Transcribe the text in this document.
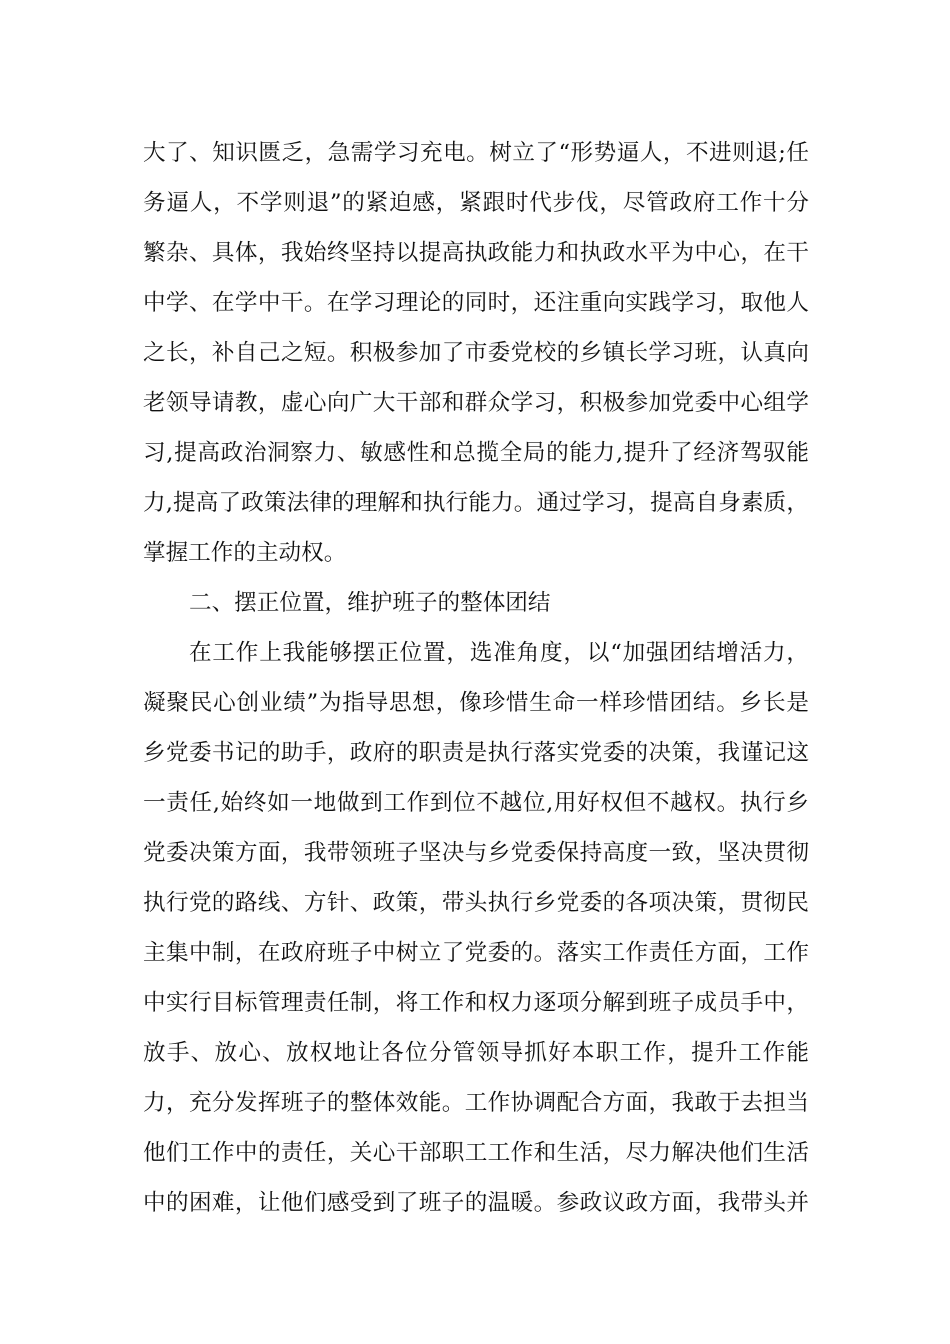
大了、知识匮乏，急需学习充电。树立了“形势逼人，不进则退;任
务逼人，不学则退”的紧迫感，紧跟时代步伐，尽管政府工作十分
繁杂、具体，我始终坚持以提高执政能力和执政水平为中心，在干
中学、在学中干。在学习理论的同时，还注重向实践学习，取他人
之长，补自己之短。积极参加了市委党校的乡镇长学习班，认真向
老领导请教，虚心向广大干部和群众学习，积极参加党委中心组学
习,提高政治洞察力、敏感性和总揽全局的能力,提升了经济驾驭能
力,提高了政策法律的理解和执行能力。通过学习，提高自身素质，
掌握工作的主动权。
二、摆正位置，维护班子的整体团结
在工作上我能够摆正位置，选准角度，以“加强团结增活力，
凝聚民心创业绩”为指导思想，像珍惜生命一样珍惜团结。乡长是
乡党委书记的助手，政府的职责是执行落实党委的决策，我谨记这
一责任,始终如一地做到工作到位不越位,用好权但不越权。执行乡
党委决策方面，我带领班子坚决与乡党委保持高度一致，坚决贯彻
执行党的路线、方针、政策，带头执行乡党委的各项决策，贯彻民
主集中制，在政府班子中树立了党委的。落实工作责任方面，工作
中实行目标管理责任制，将工作和权力逐项分解到班子成员手中，
放手、放心、放权地让各位分管领导抓好本职工作，提升工作能
力，充分发挥班子的整体效能。工作协调配合方面，我敢于去担当
他们工作中的责任，关心干部职工工作和生活，尽力解决他们生活
中的困难，让他们感受到了班子的温暖。参政议政方面，我带头并
